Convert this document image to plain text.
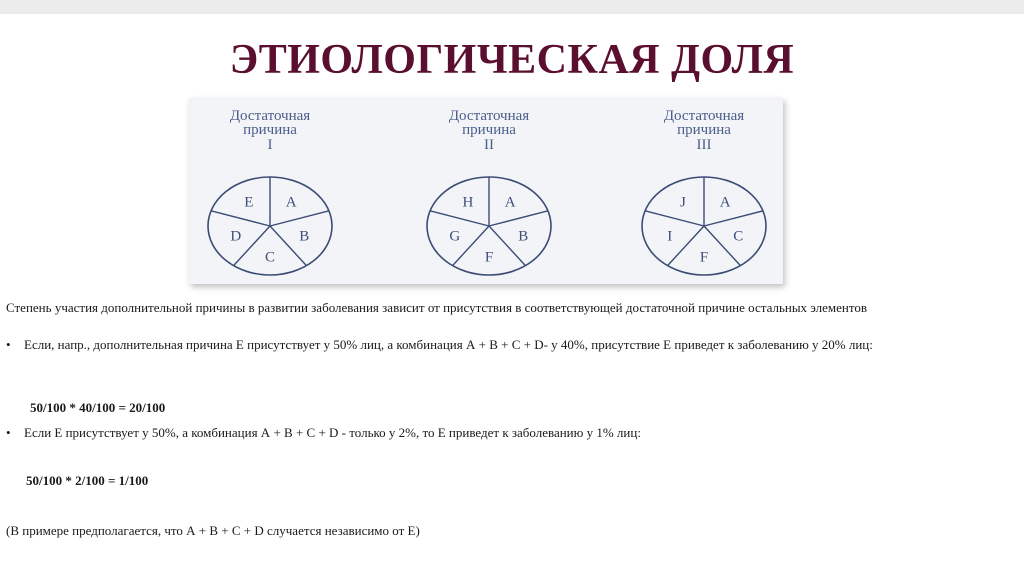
ЭТИОЛОГИЧЕСКАЯ ДОЛЯ
Достаточная
причина
I
A
B
C
D
E
Достаточная
причина
II
A
B
F
G
H
Достаточная
причина
III
A
C
F
I
J
Степень участия дополнительной причины в развитии заболевания зависит от присутствия в соответствующей достаточной причине остальных элементов
•	Если, напр., дополнительная причина Е присутствует у 50% лиц, а комбинация А + В + С + D- у 40%, присутствие Е приведет к заболеванию у 20% лиц:
50/100 * 40/100 = 20/100
•	Если Е присутствует у 50%, а комбинация А + В + С + D - только у 2%, то Е приведет к заболеванию у 1% лиц:
50/100 * 2/100 = 1/100
(В примере предполагается, что А + В + С + D случается независимо от Е)
